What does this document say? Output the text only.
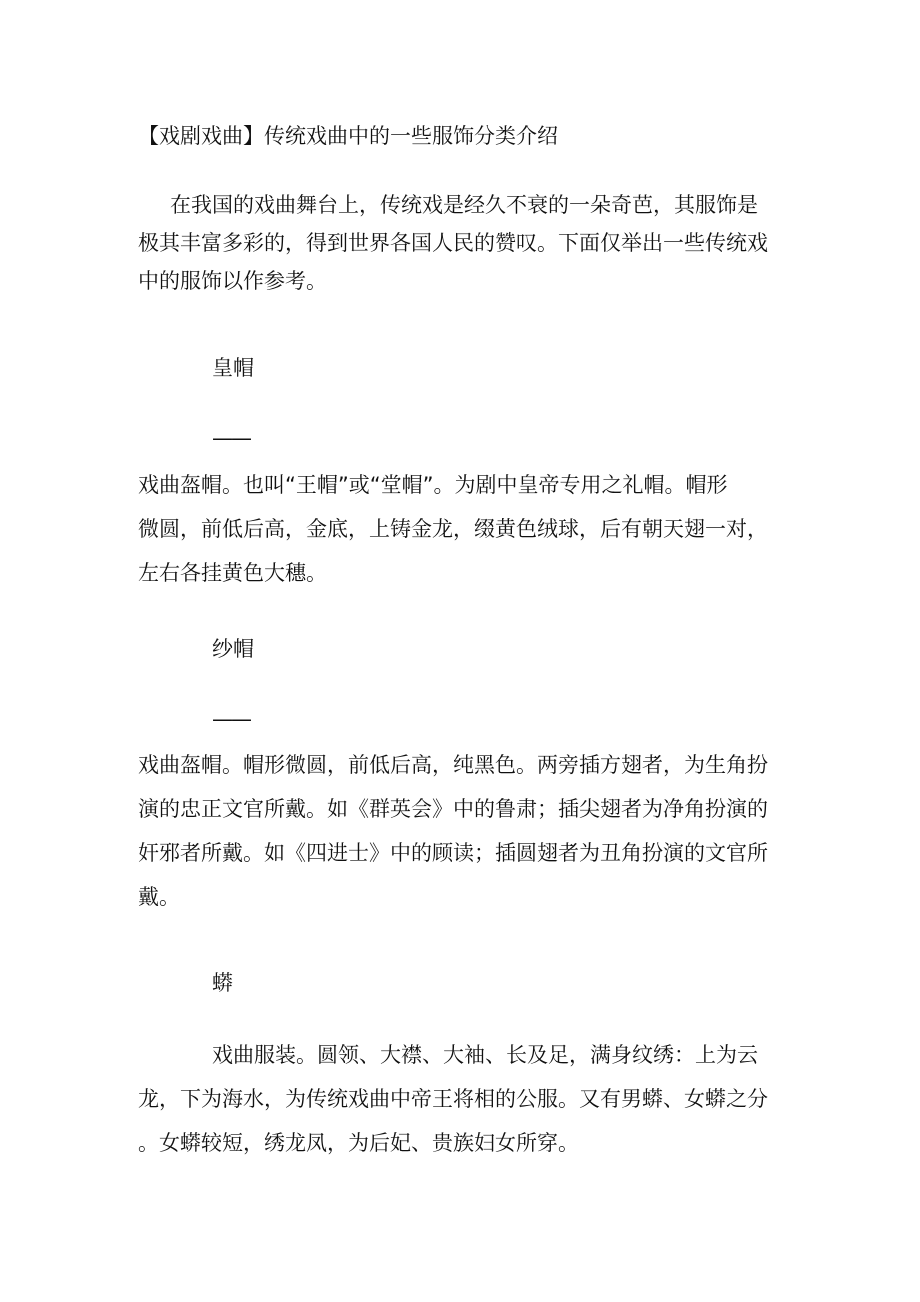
【戏剧戏曲】传统戏曲中的一些服饰分类介绍
在我国的戏曲舞台上，传统戏是经久不衰的一朵奇芭，其服饰是
极其丰富多彩的，得到世界各国人民的赞叹。下面仅举出一些传统戏
中的服饰以作参考。
皇帽
——
戏曲盔帽。也叫“王帽”或“堂帽”。为剧中皇帝专用之礼帽。帽形
微圆，前低后高，金底，上铸金龙，缀黄色绒球，后有朝天翅一对，
左右各挂黄色大穗。
纱帽
——
戏曲盔帽。帽形微圆，前低后高，纯黑色。两旁插方翅者，为生角扮
演的忠正文官所戴。如《群英会》中的鲁肃；插尖翅者为净角扮演的
奸邪者所戴。如《四进士》中的顾读；插圆翅者为丑角扮演的文官所
戴。
蟒
戏曲服装。圆领、大襟、大袖、长及足，满身纹绣：上为云
龙，下为海水，为传统戏曲中帝王将相的公服。又有男蟒、女蟒之分
。女蟒较短，绣龙凤，为后妃、贵族妇女所穿。
